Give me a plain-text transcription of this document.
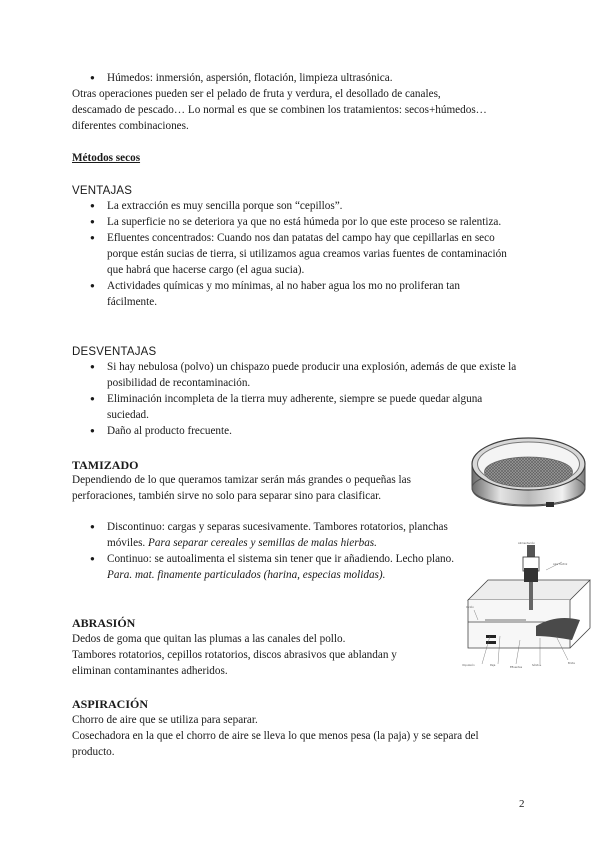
● Húmedos: inmersión, aspersión, flotación, limpieza ultrasónica.

Otras operaciones pueden ser el pelado de fruta y verdura, el desollado de canales,

descamado de pescado… Lo normal es que se combinen los tratamientos: secos+húmedos…

diferentes combinaciones.

Métodos secos

VENTAJAS

● La extracción es muy sencilla porque son “cepillos”.
● La superficie no se deteriora ya que no está húmeda por lo que este proceso se ralentiza.
● Efluentes concentrados: Cuando nos dan patatas del campo hay que cepillarlas en seco porque están sucias de tierra, si utilizamos agua creamos varias fuentes de contaminación que habrá que hacerse cargo (el agua sucia).
● Actividades químicas y mo mínimas, al no haber agua los mo no proliferan tan fácilmente.

DESVENTAJAS

● Si hay nebulosa (polvo) un chispazo puede producir una explosión, además de que existe la posibilidad de recontaminación.
● Eliminación incompleta de la tierra muy adherente, siempre se puede quedar alguna suciedad.
● Daño al producto frecuente.

TAMIZADO

Dependiendo de lo que queramos tamizar serán más grandes o pequeñas las

perforaciones, también sirve no solo para separar sino para clasificar.

● Discontinuo: cargas y separas sucesivamente. Tambores rotatorios, planchas móviles. Para separar cereales y semillas de malas hierbas.
● Continuo: se autoalimenta el sistema sin tener que ir añadiendo. Lecho plano. Para. mat. finamente particulados (harina, especias molidas).
Alimentación
Aire motriz
Ciclón
Impulsión	Paja
Efluentes
Sólidos
Brida

ABRASIÓN

Dedos de goma que quitan las plumas a las canales del pollo.

Tambores rotatorios, cepillos rotatorios, discos abrasivos que ablandan y

eliminan contaminantes adheridos.

ASPIRACIÓN

Chorro de aire que se utiliza para separar.

Cosechadora en la que el chorro de aire se lleva lo que menos pesa (la paja) y se separa del

producto.

2
